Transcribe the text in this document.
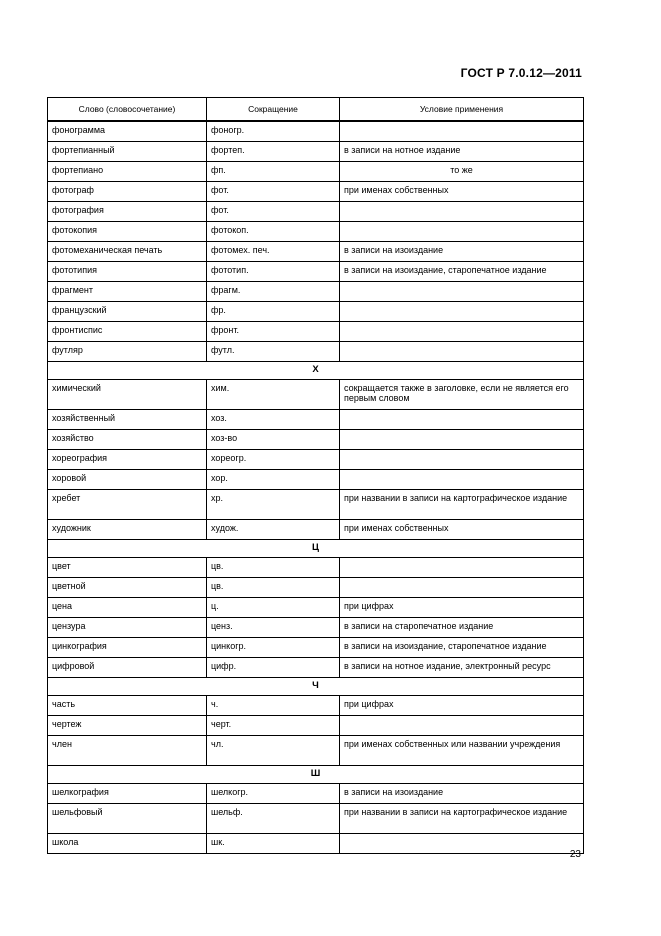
ГОСТ Р 7.0.12—2011
Слово (словосочетание)	Сокращение	Условие применения
фонограмма	фоногр.	
фортепианный	фортеп.	в записи на нотное издание
фортепиано	фп.	то же
фотограф	фот.	при именах собственных
фотография	фот.	
фотокопия	фотокоп.	
фотомеханическая печать	фотомех. печ.	в записи на изоиздание
фототипия	фототип.	в записи на изоиздание, старопечатное издание
фрагмент	фрагм.	
французский	фр.	
фронтиспис	фронт.	
футляр	футл.	
Х		
химический	хим.	сокращается также в заголовке, если не является его первым словом
хозяйственный	хоз.	
хозяйство	хоз-во	
хореография	хореогр.	
хоровой	хор.	
хребет	хр.	при названии в записи на картографическое издание
художник	худож.	при именах собственных
Ц		
цвет	цв.	
цветной	цв.	
цена	ц.	при цифрах
цензура	ценз.	в записи на старопечатное издание
цинкография	цинкогр.	в записи на изоиздание, старопечатное издание
цифровой	цифр.	в записи на нотное издание, электронный ресурс
Ч		
часть	ч.	при цифрах
чертеж	черт.	
член	чл.	при именах собственных или названии учреждения
Ш		
шелкография	шелкогр.	в записи на изоиздание
шельфовый	шельф.	при названии в записи на картографическое издание
школа	шк.	
23
